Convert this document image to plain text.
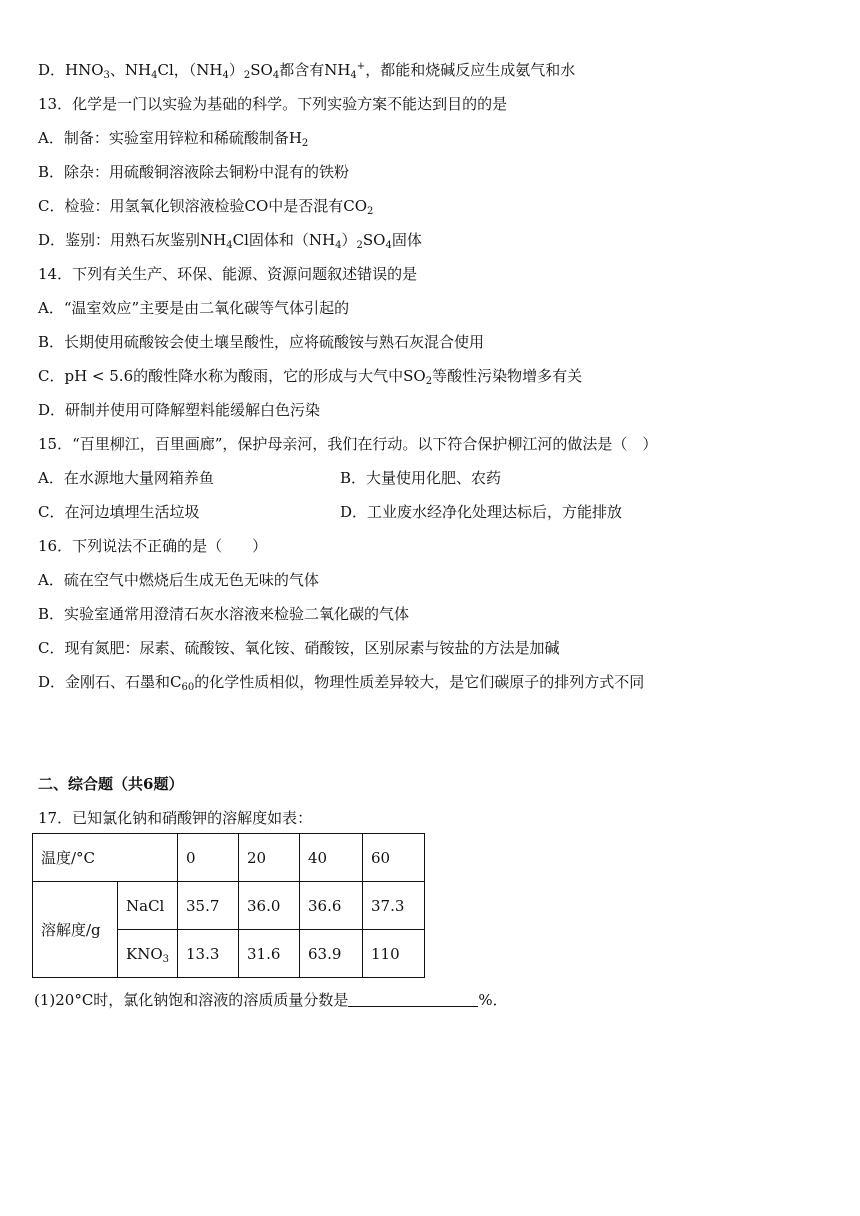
D．$HNO_3$、$NH_4Cl$，$(NH_4)_2SO_4$都含有$NH_4^+$，都能和烧碱反应生成氨气和水
13．化学是一门以实验为基础的科学。下列实验方案不能达到目的的是
A．制备：实验室用锌粒和稀硫酸制备$H_2$
B．除杂：用硫酸铜溶液除去铜粉中混有的铁粉
C．检验：用氢氧化钡溶液检验CO中是否混有$CO_2$
D．鉴别：用熟石灰鉴别$NH_4Cl$固体和$(NH_4)_2SO_4$固体
14．下列有关生产、环保、能源、资源问题叙述错误的是
A．“温室效应”主要是由二氧化碳等气体引起的
B．长期使用硫酸铵会使土壤呈酸性，应将硫酸铵与熟石灰混合使用
C．pH < 5.6的酸性降水称为酸雨，它的形成与大气中$SO_2$等酸性污染物增多有关
D．研制并使用可降解塑料能缓解白色污染
15．“百里柳江，百里画廊”，保护母亲河，我们在行动。以下符合保护柳江河的做法是（　）
A．在水源地大量网箱养鱼	B．大量使用化肥、农药
C．在河边填埋生活垃圾	D．工业废水经净化处理达标后，方能排放
16．下列说法不正确的是（　　）
A．硫在空气中燃烧后生成无色无味的气体
B．实验室通常用澄清石灰水溶液来检验二氧化碳的气体
C．现有氮肥：尿素、硫酸铵、氧化铵、硝酸铵，区别尿素与铵盐的方法是加碱
D．金刚石、石墨和$C_{60}$的化学性质相似，物理性质差异较大，是它们碳原子的排列方式不同
二、综合题（共6题）
17．已知氯化钠和硝酸钾的溶解度如表：
温度/°C		0	20	40	60
溶解度/g	NaCl	35.7	36.0	36.6	37.3
	$KNO_3$	13.3	31.6	63.9	110
(1)20°C时，氯化钠饱和溶液的溶质质量分数是	%．
